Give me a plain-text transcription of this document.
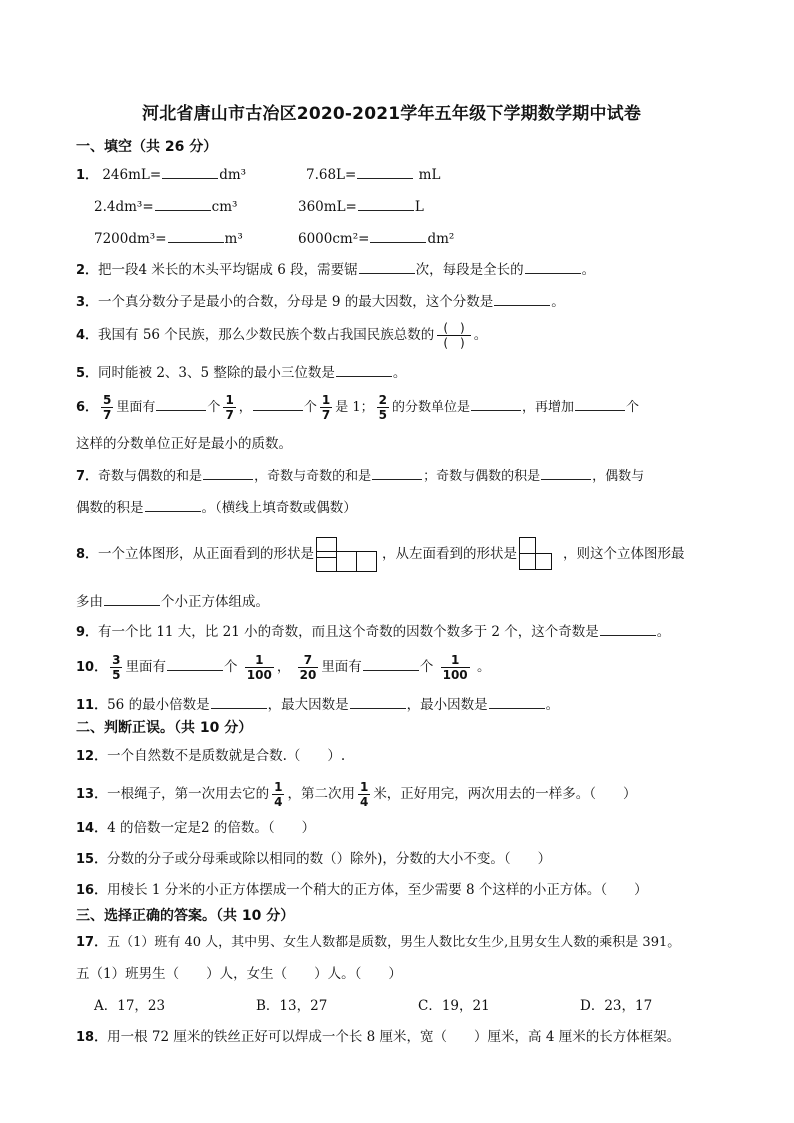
河北省唐山市古冶区2020-2021学年五年级下学期数学期中试卷
一、填空（共 26 分）
1． 246mL=	dm³	7.68L=	mL
2.4dm³=	cm³	360mL=	L
7200dm³=	m³	6000cm²=	dm²
2．把一段4 米长的木头平均锯成 6 段，需要锯	次，每段是全长的	。
3．一个真分数分子是最小的合数，分母是 9 的最大因数，这个分数是	。
4．我国有 56 个民族，那么少数民族个数占我国民族总数的 $\frac{( )}{( )}$ 。
5．同时能被 2、3、5 整除的最小三位数是	。
6． $\frac{5}{7}$ 里面有	个 $\frac{1}{7}$ ，	个 $\frac{1}{7}$ 是 1； $\frac{2}{5}$ 的分数单位是	，再增加	个
这样的分数单位正好是最小的质数。
7．奇数与偶数的和是	，奇数与奇数的和是	；奇数与偶数的积是	，偶数与
偶数的积是	。（横线上填奇数或偶数）
8．一个立体图形，从正面看到的形状是	，从左面看到的形状是	，则这个立体图形最
多由	个小正方体组成。
9．有一个比 11 大，比 21 小的奇数，而且这个奇数的因数个数多于 2 个，这个奇数是	。
10． $\frac{3}{5}$ 里面有	个 $\frac{1}{100}$ ， $\frac{7}{20}$ 里面有	个 $\frac{1}{100}$ 。
11．56 的最小倍数是	，最大因数是	，最小因数是	。
二、判断正误。（共 10 分）
12．一个自然数不是质数就是合数.（　　）.
13．一根绳子，第一次用去它的 $\frac{1}{4}$ ，第二次用 $\frac{1}{4}$ 米，正好用完，两次用去的一样多。（　　）
14．4 的倍数一定是2 的倍数。（　　）
15．分数的分子或分母乘或除以相同的数（）除外)，分数的大小不变。（　　）
16．用棱长 1 分米的小正方体摆成一个稍大的正方体，至少需要 8 个这样的小正方体。（　　）
三、选择正确的答案。（共 10 分）
17．五（1）班有 40 人，其中男、女生人数都是质数，男生人数比女生少,且男女生人数的乘积是 391。
五（1）班男生（　　）人，女生（　　）人。（　　）
A．17，23	B．13，27	C．19，21	D．23，17
18．用一根 72 厘米的铁丝正好可以焊成一个长 8 厘米，宽（　　）厘米，高 4 厘米的长方体框架。
